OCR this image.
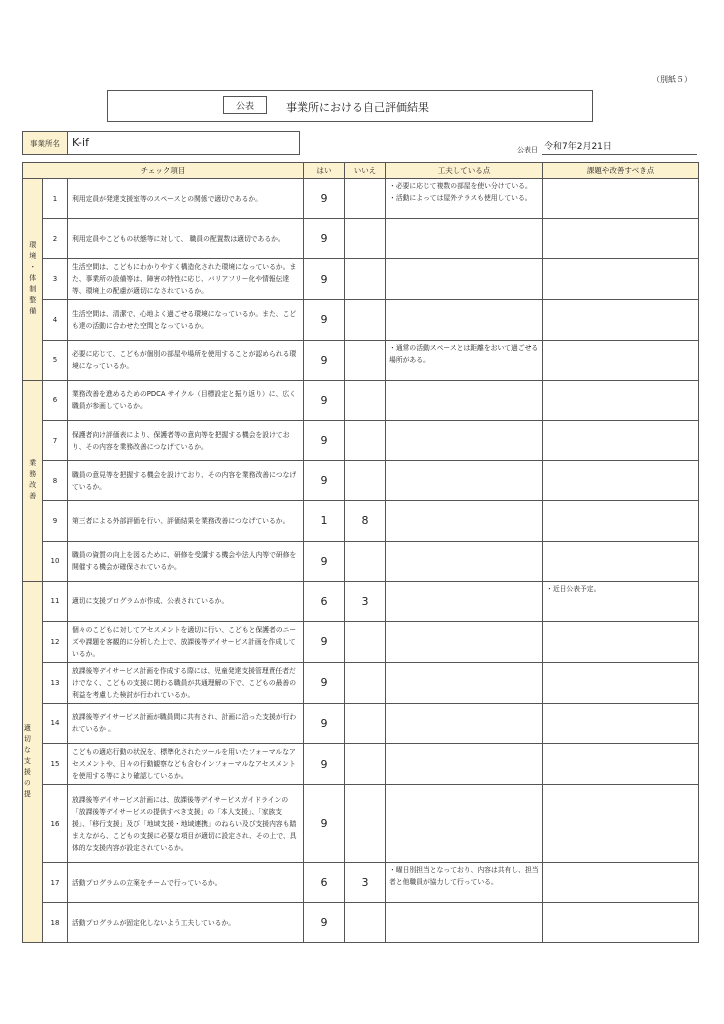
（別紙５）
公表	事業所における自己評価結果
事業所名	K-if
公表日 令和7年2月21日
チェック項目			はい	いいえ	工夫している点	課題や改善すべき点
環境・体制整備	1	利用定員が発達支援室等のスペースとの関係で適切であるか。	9		・必要に応じて複数の部屋を使い分けている。
・活動によっては屋外テラスも使用している。	
	2	利用定員やこどもの状態等に対して、 職員の配置数は適切であるか。	9			
	3	生活空間は、こどもにわかりやすく構造化された環境になっているか。また、事業所の設備等は、障害の特性に応じ、バリアフリー化や情報伝達等、環境上の配慮が適切になされているか。	9			
	4	生活空間は、清潔で、心地よく過ごせる環境になっているか。また、こども達の活動に合わせた空間となっているか。	9			
	5	必要に応じて、こどもが個別の部屋や場所を使用することが認められる環境になっているか。	9		・通常の活動スペースとは距離をおいて過ごせる場所がある。	
業務改善	6	業務改善を進めるためのPDCA サイクル（目標設定と振り返り）に、広く職員が参画しているか。	9			
	7	保護者向け評価表により、保護者等の意向等を把握する機会を設けており、その内容を業務改善につなげているか。	9			
	8	職員の意見等を把握する機会を設けており、その内容を業務改善につなげているか。	9			
	9	第三者による外部評価を行い、評価結果を業務改善につなげているか。	1	8		
	10	職員の資質の向上を図るために、研修を受講する機会や法人内等で研修を開催する機会が確保されているか。	9			
適切な支援の提	11	適切に支援プログラムが作成、公表されているか。	6	3		・近日公表予定。
	12	個々のこどもに対してアセスメントを適切に行い、こどもと保護者のニーズや課題を客観的に分析した上で、放課後等デイサービス計画を作成しているか。	9			
	13	放課後等デイサービス計画を作成する際には、児童発達支援管理責任者だけでなく、こどもの支援に関わる職員が共通理解の下で、こどもの最善の利益を考慮した検討が行われているか。	9			
	14	放課後等デイサービス計画が職員間に共有され、計画に沿った支援が行われているか 。	9			
	15	こどもの適応行動の状況を、標準化されたツールを用いたフォーマルなアセスメントや、日々の行動観察なども含むインフォーマルなアセスメントを使用する等により確認しているか。	9			
	16	放課後等デイサービス計画には、放課後等デイサービスガイドラインの「放課後等デイサービスの提供すべき支援」の「本人支援」、「家族支援」、「移行支援」及び「地域支援・地域連携」のねらい及び支援内容も踏まえながら、こどもの支援に必要な項目が適切に設定され、その上で、具体的な支援内容が設定されているか。	9			
	17	活動プログラムの立案をチームで行っているか。	6	3	・曜日別担当となっており、内容は共有し、担当者と他職員が協力して行っている。	
	18	活動プログラムが固定化しないよう工夫しているか。	9			
